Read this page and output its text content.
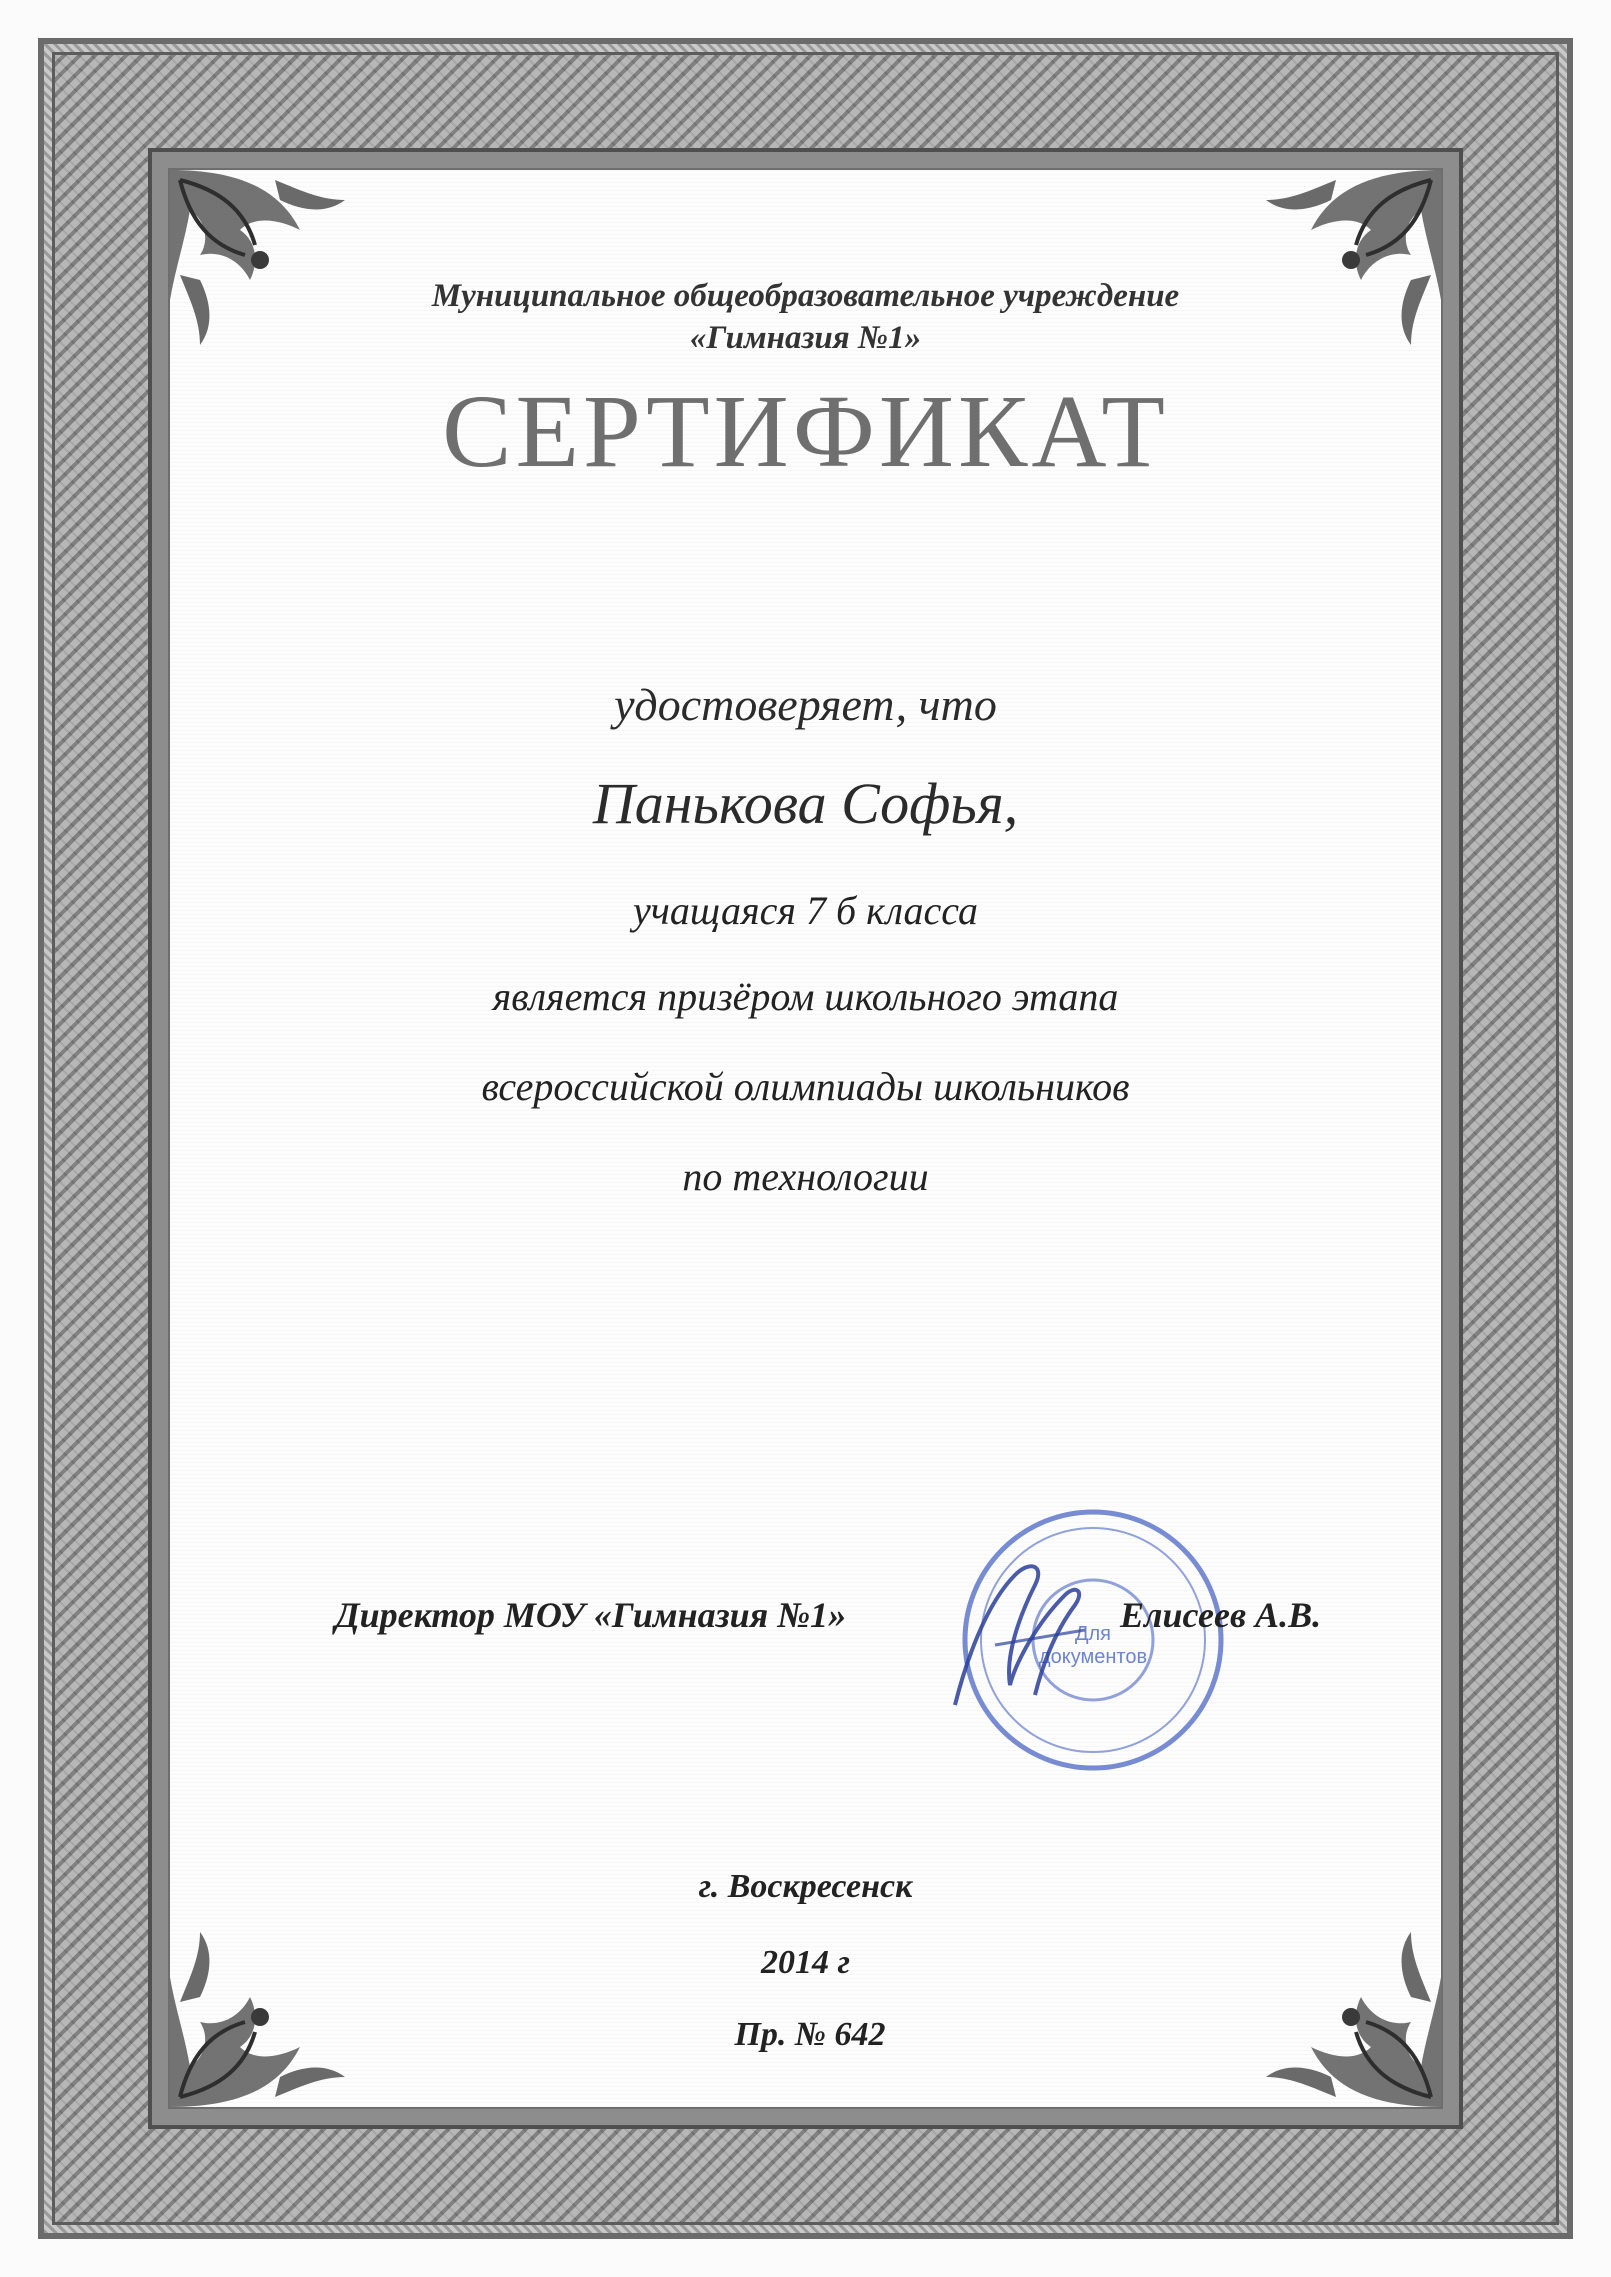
Муниципальное общеобразовательное учреждение
«Гимназия №1»
СЕРТИФИКАТ
удостоверяет, что
Панькова Софья,
учащаяся 7 б класса
является призёром школьного этапа
всероссийской олимпиады школьников
по технологии
Для
документов
Директор МОУ «Гимназия №1»	Елисеев А.В.
г. Воскресенск
2014 г
Пр. № 642
